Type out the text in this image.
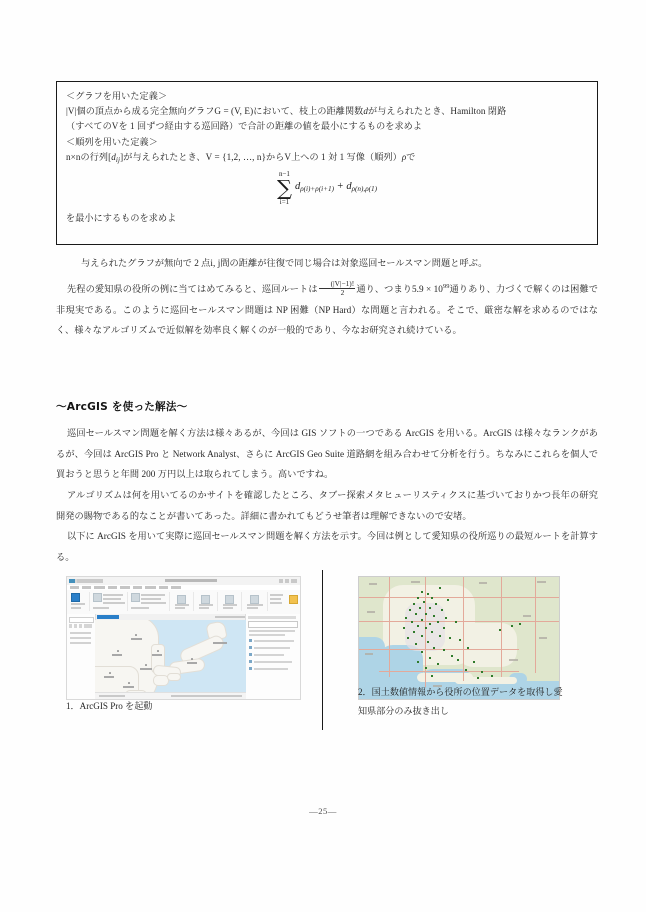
＜グラフを用いた定義＞
|V|個の頂点から成る完全無向グラフG = (V, E)において、枝上の距離関数dが与えられたとき、Hamilton 閉路
（すべてのVを 1 回ずつ経由する巡回路）で合計の距離の値を最小にするものを求めよ
＜順列を用いた定義＞
n×nの行列$[d_{ij}]$が与えられたとき、V = {1,2, …, n}からV上への 1 対 1 写像（順列）ρで
n−1
∑
i=1
$d_{\rho(i)+\rho(i+1)} + d_{\rho(n),\rho(1)}$
を最小にするものを求めよ
与えられたグラフが無向で 2 点i, j間の距離が往復で同じ場合は対象巡回セールスマン問題と呼ぶ。
先程の愛知県の役所の例に当てはめてみると、巡回ルートは $\frac{(|V|-1)!}{2}$ 通り、つまり$5.9 \times 10^{99}$通りあり、力づくで解くのは困難で非現実である。このように巡回セールスマン問題は NP 困難（NP Hard）な問題と言われる。そこで、厳密な解を求めるのではなく、様々なアルゴリズムで近似解を効率良く解くのが一般的であり、今なお研究され続けている。
～ArcGIS を使った解法～
巡回セールスマン問題を解く方法は様々あるが、今回は GIS ソフトの一つである ArcGIS を用いる。ArcGIS は様々なランクがあるが、今回は ArcGIS Pro と Network Analyst、さらに ArcGIS Geo Suite 道路網を組み合わせて分析を行う。ちなみにこれらを個人で買おうと思うと年間 200 万円以上は取られてしまう。高いですね。
アルゴリズムは何を用いてるのかサイトを確認したところ、タブー探索メタヒューリスティクスに基づいておりかつ長年の研究開発の賜物である的なことが書いてあった。詳細に書かれてもどうせ筆者は理解できないので安堵。
以下に ArcGIS を用いて実際に巡回セールスマン問題を解く方法を示す。今回は例として愛知県の役所巡りの最短ルートを計算する。
1．ArcGIS Pro を起動
2．国土数値情報から役所の位置データを取得し愛知県部分のみ抜き出し
—25—
